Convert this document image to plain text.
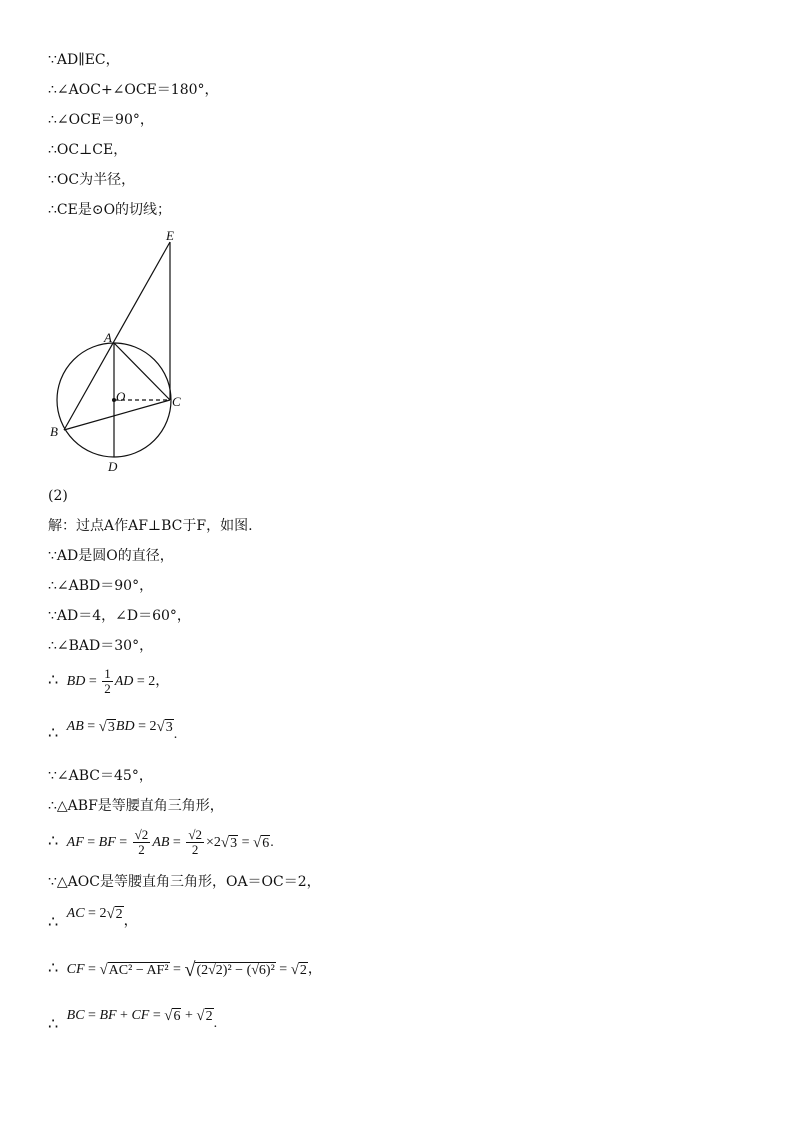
∵AD∥EC，
∴∠AOC+∠OCE＝180°，
∴∠OCE＝90°，
∴OC⊥CE，
∵OC为半径，
∴CE是⊙O的切线；
E
A
O	C
B
D
(2)
解：过点A作AF⊥BC于F，如图.
∵AD是圆O的直径，
∴∠ABD＝90°，
∵AD＝4，∠D＝60°，
∴∠BAD＝30°，
∴ BD
=
$\frac{1}{2}$ AD
=
2 ，
∴ AB
=
√ 3 BD
=
2 √ 3 .
∵∠ABC＝45°，
∴△ABF是等腰直角三角形，
∴ AF
=
BF
=
$\frac{√2}{2}$ AB
=
$\frac{√2}{2} \times 2$ √ 3
=
√ 6 .
∵△AOC是等腰直角三角形，OA＝OC＝2，
∴ AC
=
2 √ 2 ，
∴ CF
=
√ AC² − AF²
=
√ (2√2)² − (√6)²
=
√ 2 ，
∴ BC
=
BF
+
CF
=
√ 6
+
√ 2 .
